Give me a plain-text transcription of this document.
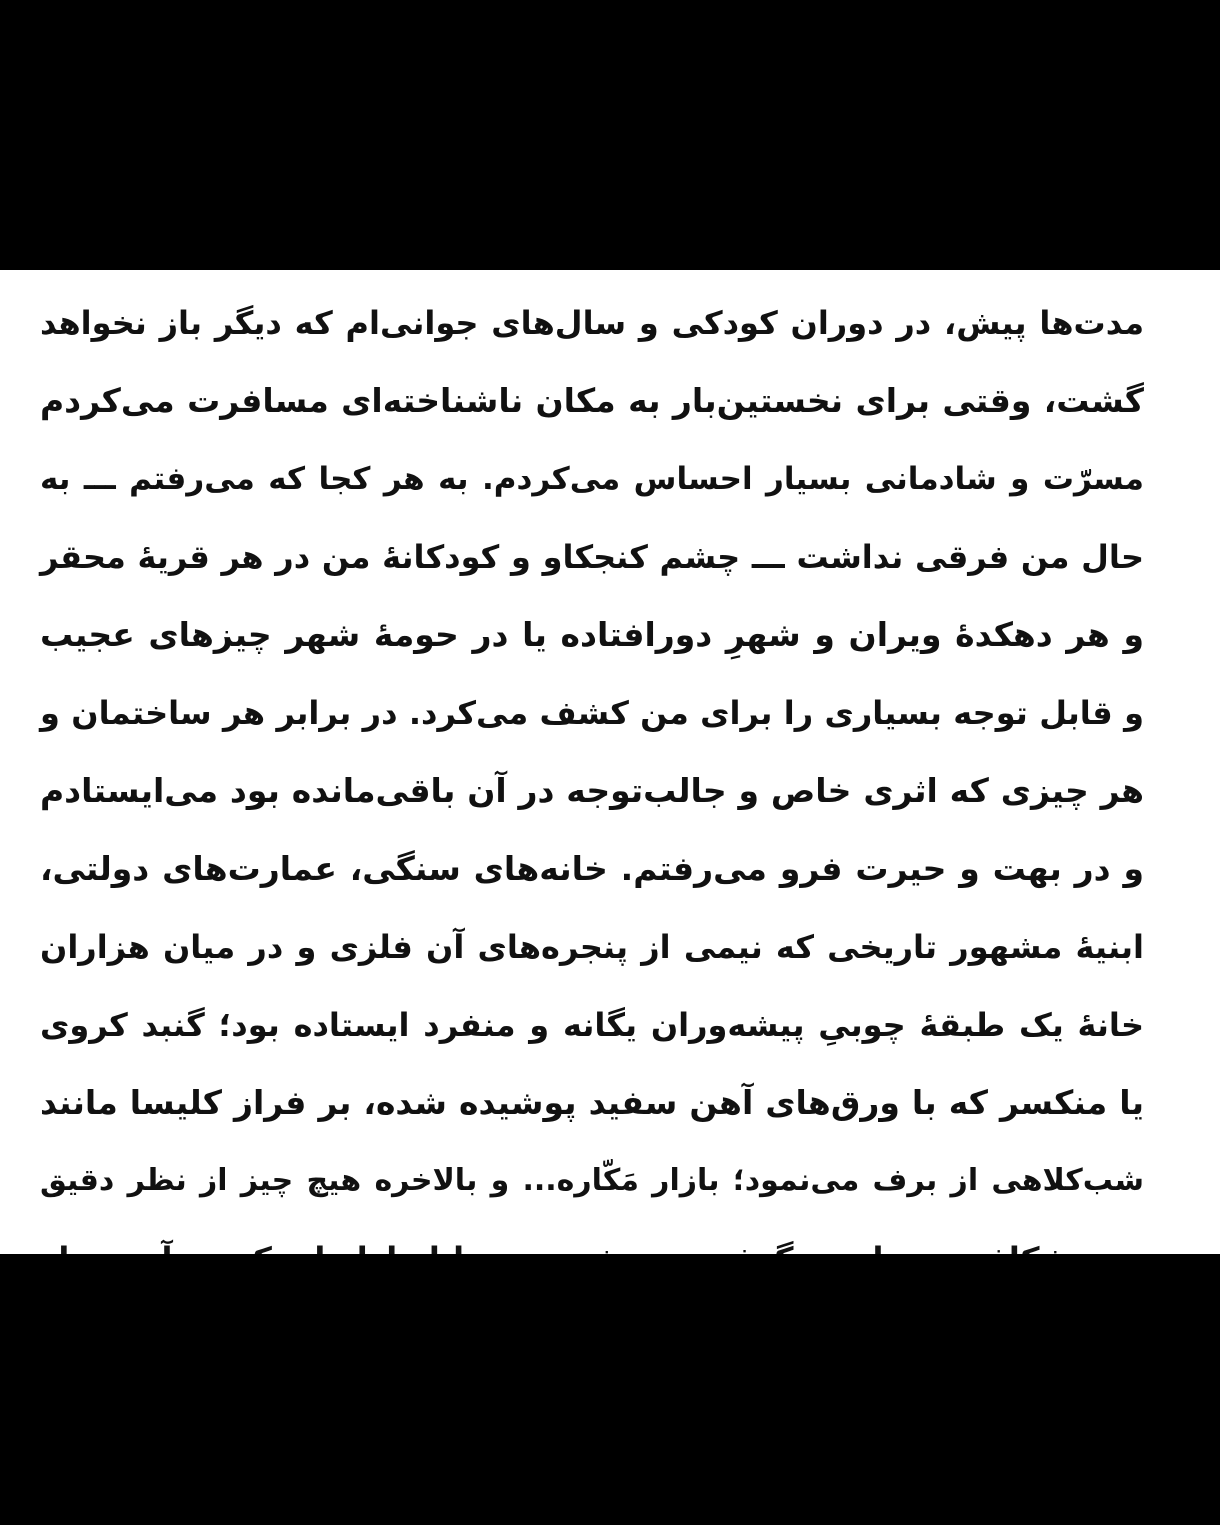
مدت‌ها پیش، در دوران کودکی و سال‌های جوانی‌ام که دیگر باز نخواهد
گشت، وقتی برای نخستین‌بار به مکان ناشناخته‌ای مسافرت می‌کردم
مسرّت و شادمانی بسیار احساس می‌کردم. به هر کجا که می‌رفتم ـــ به
حال من فرقی نداشت ـــ چشم کنجکاو و کودکانهٔ من در هر قریهٔ محقر
و هر دهکدهٔ ویران و شهرِ دورافتاده یا در حومهٔ شهر چیزهای عجیب
و قابل توجه بسیاری را برای من کشف می‌کرد. در برابر هر ساختمان و
هر چیزی که اثری خاص و جالب‌توجه در آن باقی‌مانده بود می‌ایستادم
و در بهت و حیرت فرو می‌رفتم. خانه‌های سنگی، عمارت‌های دولتی،
ابنیهٔ مشهور تاریخی که نیمی از پنجره‌های آن فلزی و در میان هزاران
خانهٔ یک طبقهٔ چوبیِ پیشه‌وران یگانه و منفرد ایستاده بود؛ گنبد کروی
یا منکسر که با ورق‌های آهن سفید پوشیده شده، بر فراز کلیسا مانند
شب‌کلاهی از برف می‌نمود؛ بازار مَکّاره... و بالاخره هیچ چیز از نظر دقیق
